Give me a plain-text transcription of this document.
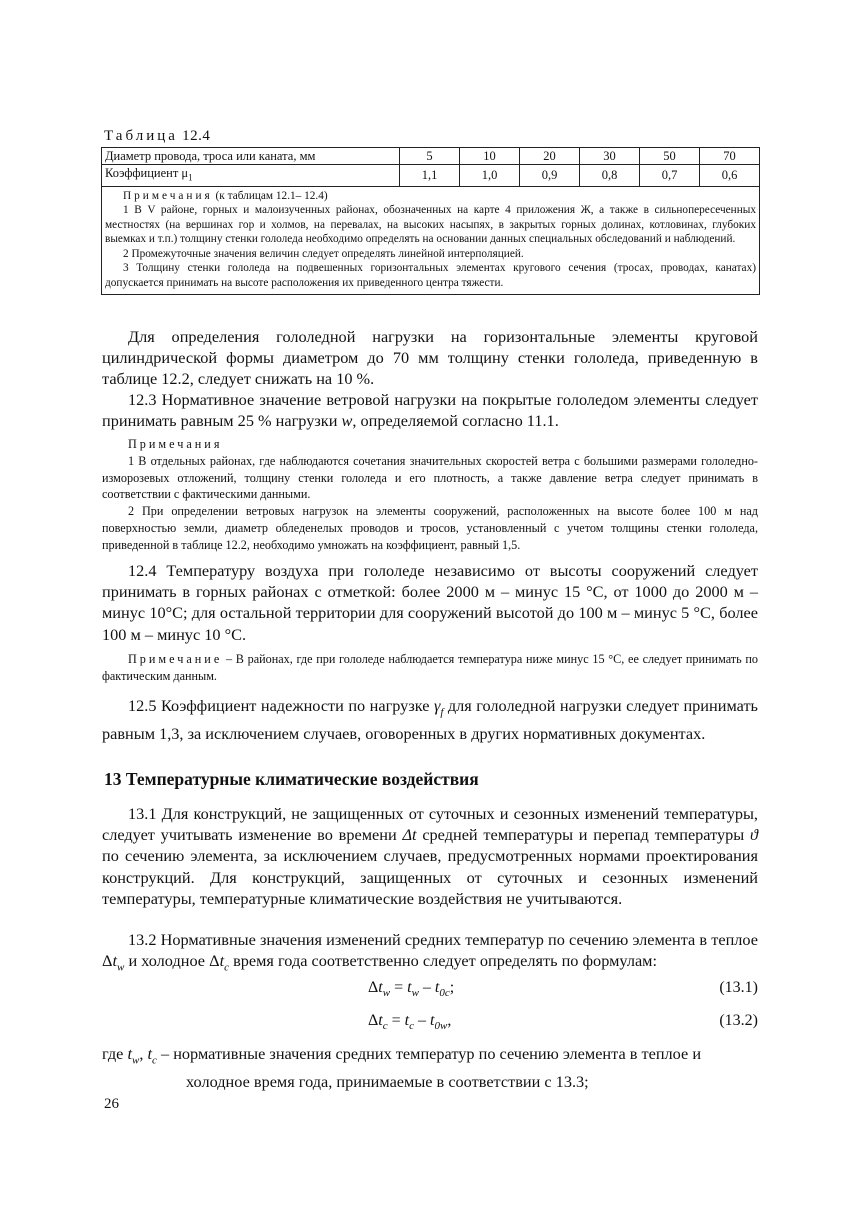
Таблица 12.4
Диаметр провода, троса или каната, мм	5	10	20	30	50	70
Коэффициент $\mu_1$	1,1	1,0	0,9	0,8	0,7	0,6

Примечания (к таблицам 12.1– 12.4)
1 В V районе, горных и малоизученных районах, обозначенных на карте 4 приложения Ж, а также в сильнопересеченных местностях (на вершинах гор и холмов, на перевалах, на высоких насыпях, в закрытых горных долинах, котловинах, глубоких выемках и т.п.) толщину стенки гололеда необходимо определять на основании данных специальных обследований и наблюдений.
2 Промежуточные значения величин следует определять линейной интерполяцией.
3 Толщину стенки гололеда на подвешенных горизонтальных элементах кругового сечения (тросах, проводах, канатах) допускается принимать на высоте расположения их приведенного центра тяжести.						
Для определения гололедной нагрузки на горизонтальные элементы круговой цилиндрической формы диаметром до 70 мм толщину стенки гололеда, приведенную в таблице 12.2, следует снижать на 10 %.
12.3 Нормативное значение ветровой нагрузки на покрытые гололедом элементы следует принимать равным 25 % нагрузки w, определяемой согласно 11.1.
Примечания
1 В отдельных районах, где наблюдаются сочетания значительных скоростей ветра с большими размерами гололедно-изморозевых отложений, толщину стенки гололеда и его плотность, а также давление ветра следует принимать в соответствии с фактическими данными.
2 При определении ветровых нагрузок на элементы сооружений, расположенных на высоте более 100 м над поверхностью земли, диаметр обледенелых проводов и тросов, установленный с учетом толщины стенки гололеда, приведенной в таблице 12.2, необходимо умножать на коэффициент, равный 1,5.
12.4 Температуру воздуха при гололеде независимо от высоты сооружений следует принимать в горных районах с отметкой: более 2000 м – минус 15 °С, от 1000 до 2000 м – минус 10°С; для остальной территории для сооружений высотой до 100 м – минус 5 °С, более 100 м – минус 10 °С.
Примечание – В районах, где при гололеде наблюдается температура ниже минус 15 °С, ее следует принимать по фактическим данным.
12.5 Коэффициент надежности по нагрузке $\gamma_f$ для гололедной нагрузки следует принимать равным 1,3, за исключением случаев, оговоренных в других нормативных документах.
13 Температурные климатические воздействия
13.1 Для конструкций, не защищенных от суточных и сезонных изменений температуры, следует учитывать изменение во времени Δt средней температуры и перепад температуры ϑ по сечению элемента, за исключением случаев, предусмотренных нормами проектирования конструкций. Для конструкций, защищенных от суточных и сезонных изменений температуры, температурные климатические воздействия не учитываются.
13.2 Нормативные значения изменений средних температур по сечению элемента в теплое $\Delta t_w$ и холодное $\Delta t_c$ время года соответственно следует определять по формулам:
$\Delta t_w = t_w - t_{0c}$;	(13.1)
$\Delta t_c = t_c - t_{0w}$,	(13.2)
где $t_w$, $t_c$ – нормативные значения средних температур по сечению элемента в теплое и
холодное время года, принимаемые в соответствии с 13.3;
26
